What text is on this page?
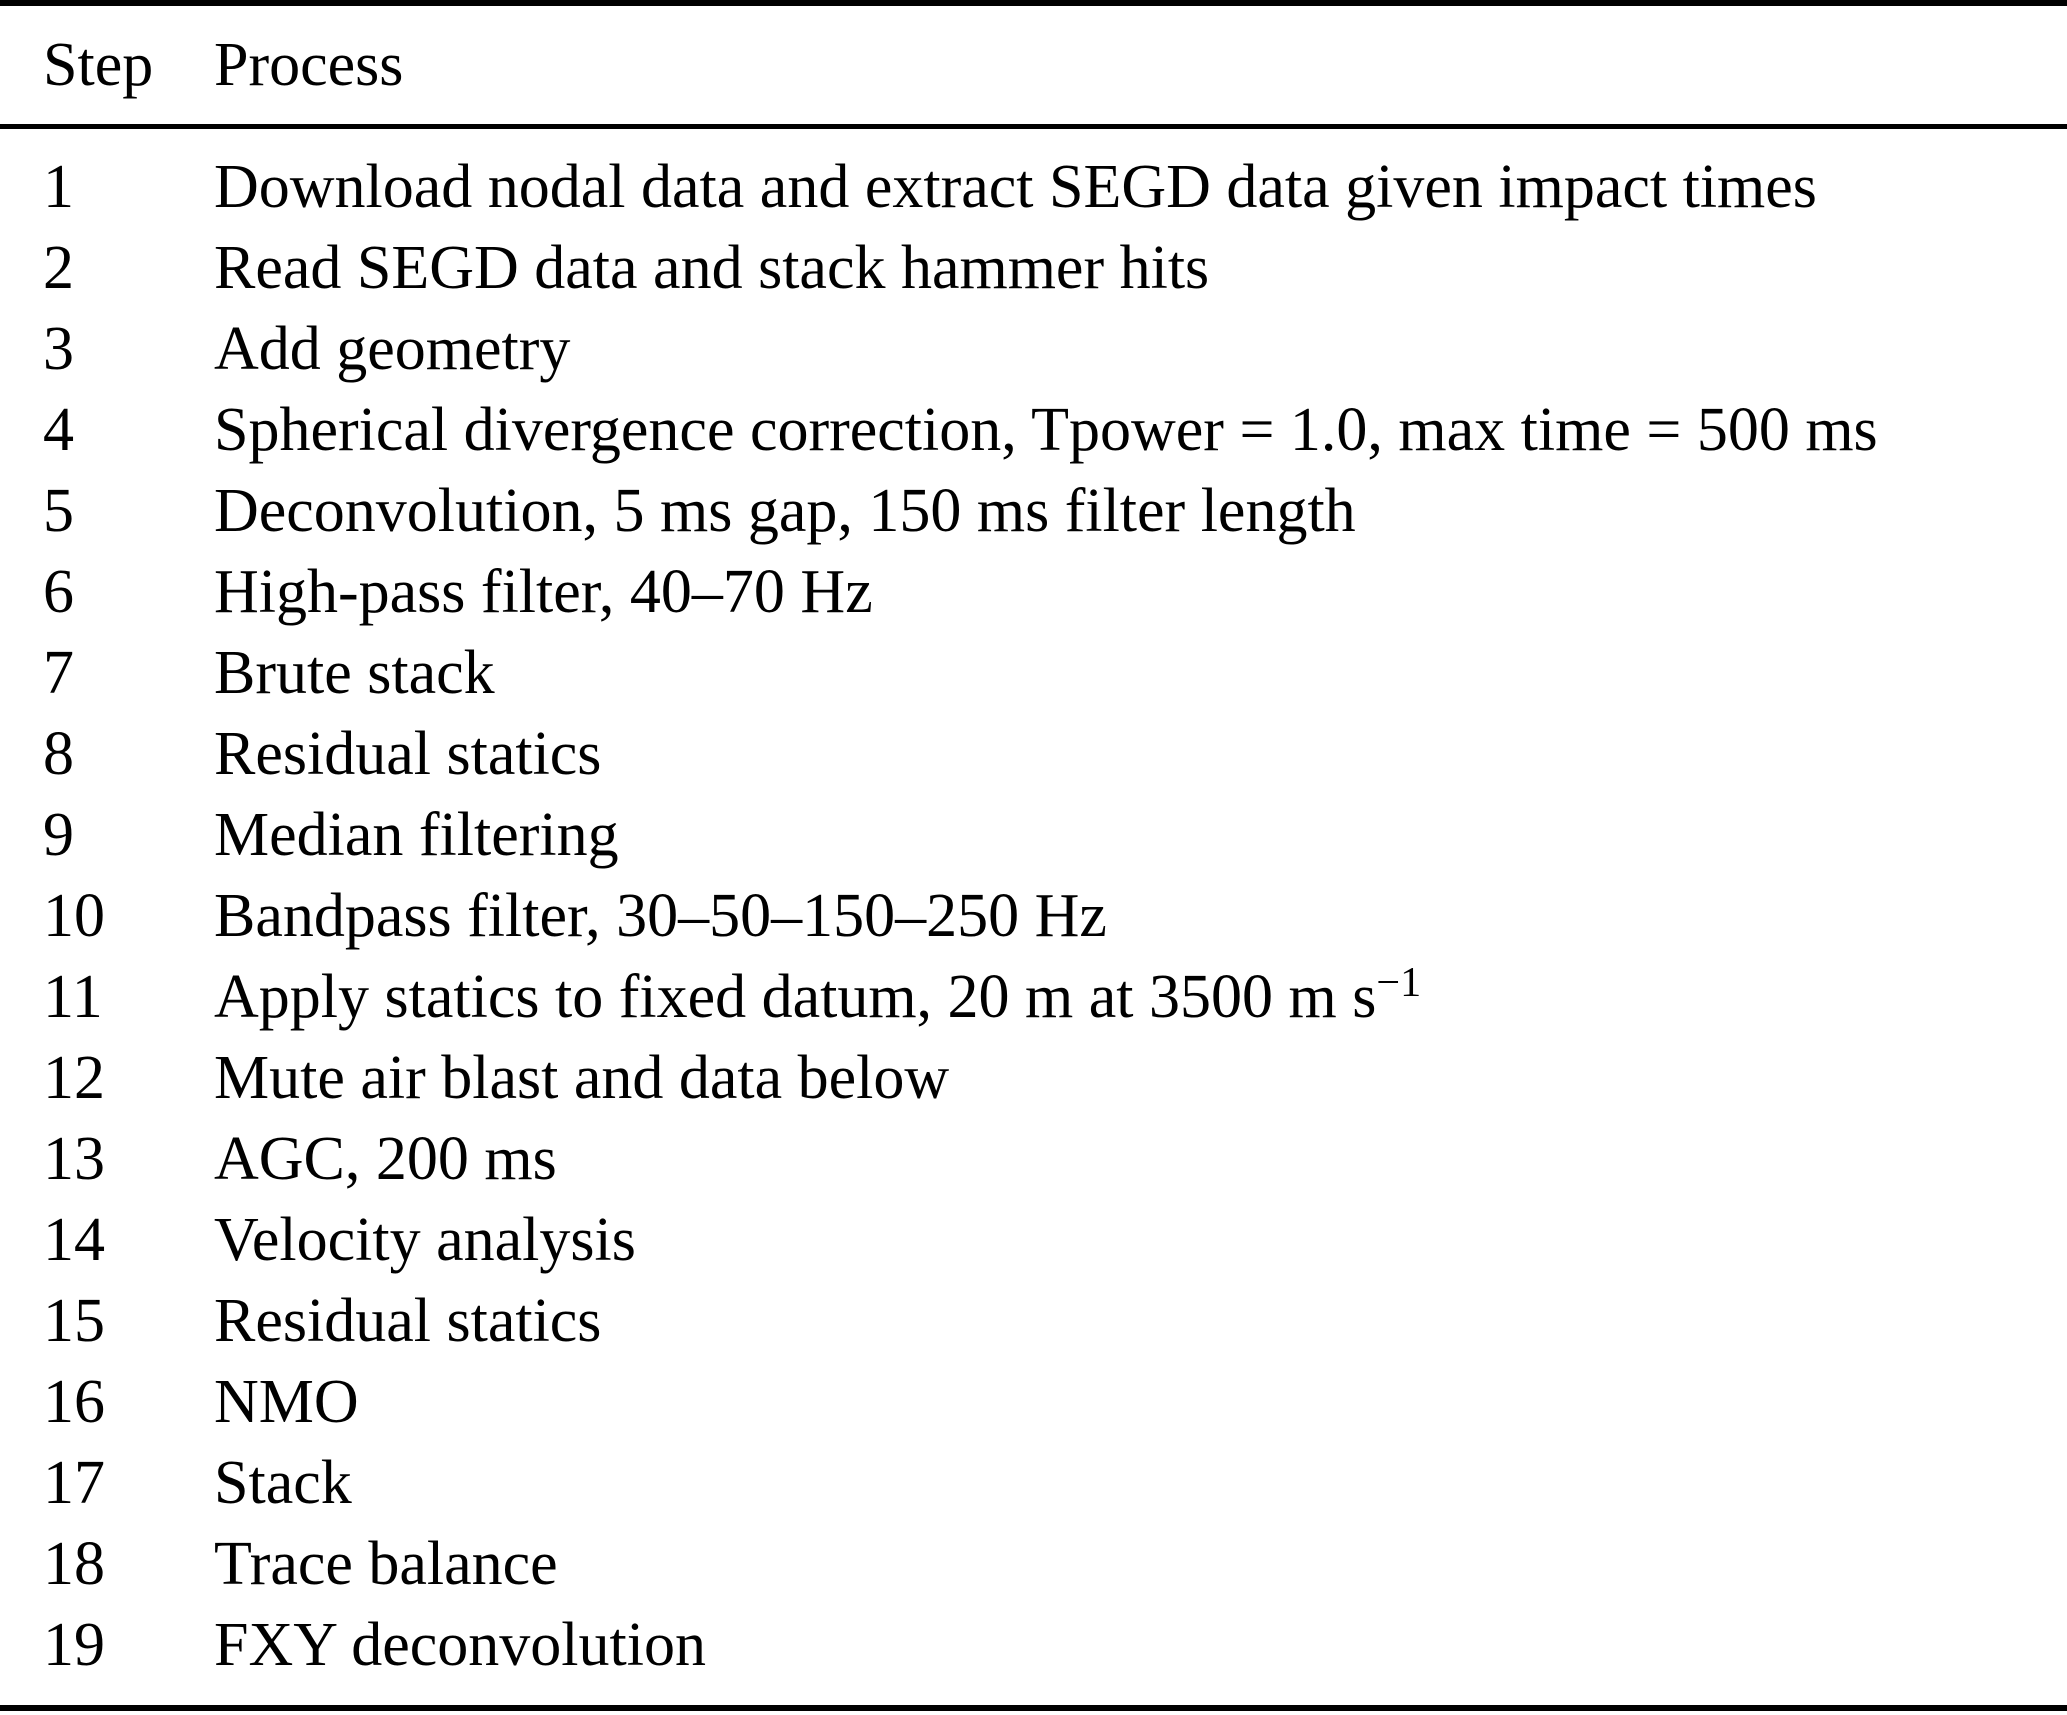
Step Process
1	Download nodal data and extract SEGD data given impact times
2	Read SEGD data and stack hammer hits
3	Add geometry
4	Spherical divergence correction, Tpower = 1.0, max time = 500 ms
5	Deconvolution, 5 ms gap, 150 ms filter length
6	High-pass filter, 40–70 Hz
7	Brute stack
8	Residual statics
9	Median filtering
10	Bandpass filter, 30–50–150–250 Hz
11	Apply statics to fixed datum, 20 m at 3500 m $s^{-1}$
12	Mute air blast and data below
13	AGC, 200 ms
14	Velocity analysis
15	Residual statics
16	NMO
17	Stack
18	Trace balance
19	FXY deconvolution
